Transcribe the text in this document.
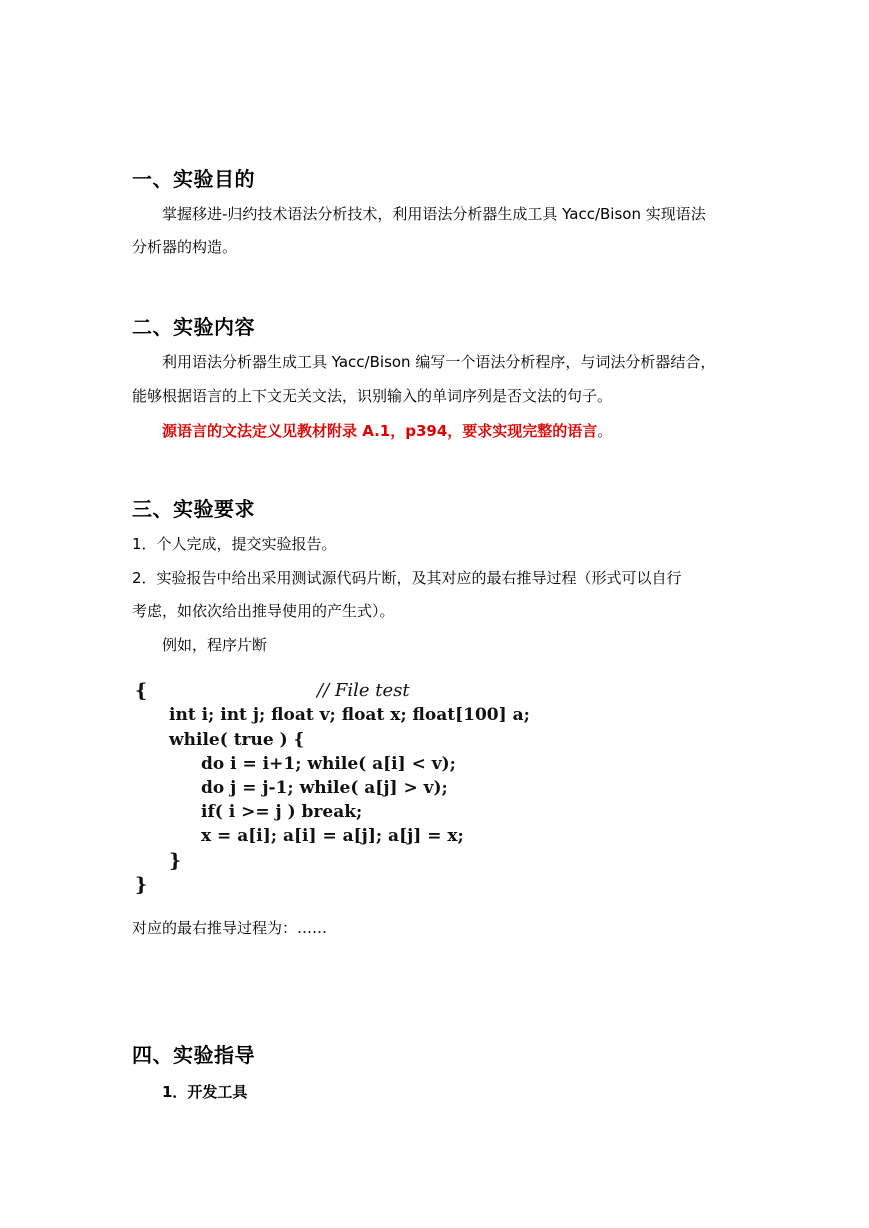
一、实验目的
掌握移进-归约技术语法分析技术，利用语法分析器生成工具 Yacc/Bison 实现语法
分析器的构造。
二、实验内容
利用语法分析器生成工具 Yacc/Bison 编写一个语法分析程序，与词法分析器结合，
能够根据语言的上下文无关文法，识别输入的单词序列是否文法的句子。
源语言的文法定义见教材附录 A.1，p394，要求实现完整的语言。
三、实验要求
1．个人完成，提交实验报告。
2．实验报告中给出采用测试源代码片断，及其对应的最右推导过程（形式可以自行
考虑，如依次给出推导使用的产生式）。
例如，程序片断
{	// File test
int i; int j; float v; float x; float[100] a;
while( true ) {
do i = i+1; while( a[i] < v);
do j = j-1; while( a[j] > v);
if( i >= j ) break;
x = a[i]; a[i] = a[j]; a[j] = x;
}
}
对应的最右推导过程为：……
四、实验指导
1．开发工具
